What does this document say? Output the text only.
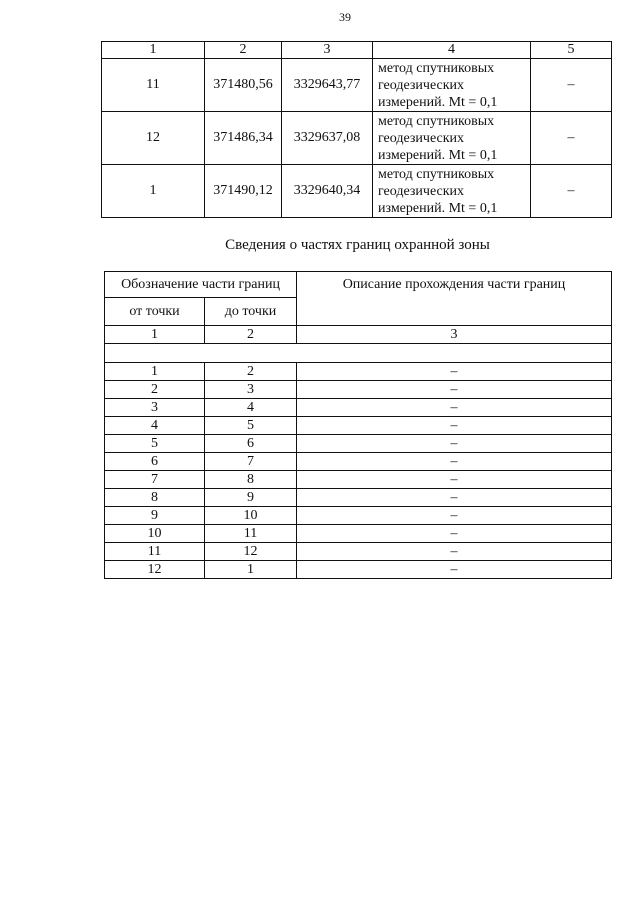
39
1	2	3	4	5
11	371480,56	3329643,77	метод спутниковых
геодезических
измерений. Mt = 0,1	–
12	371486,34	3329637,08	метод спутниковых
геодезических
измерений. Mt = 0,1	–
1	371490,12	3329640,34	метод спутниковых
геодезических
измерений. Mt = 0,1	–
Сведения о частях границ охранной зоны
Обозначение части границ		Описание прохождения части границ
от точки	до точки	
1	2	3

1	2	–
2	3	–
3	4	–
4	5	–
5	6	–
6	7	–
7	8	–
8	9	–
9	10	–
10	11	–
11	12	–
12	1	–
